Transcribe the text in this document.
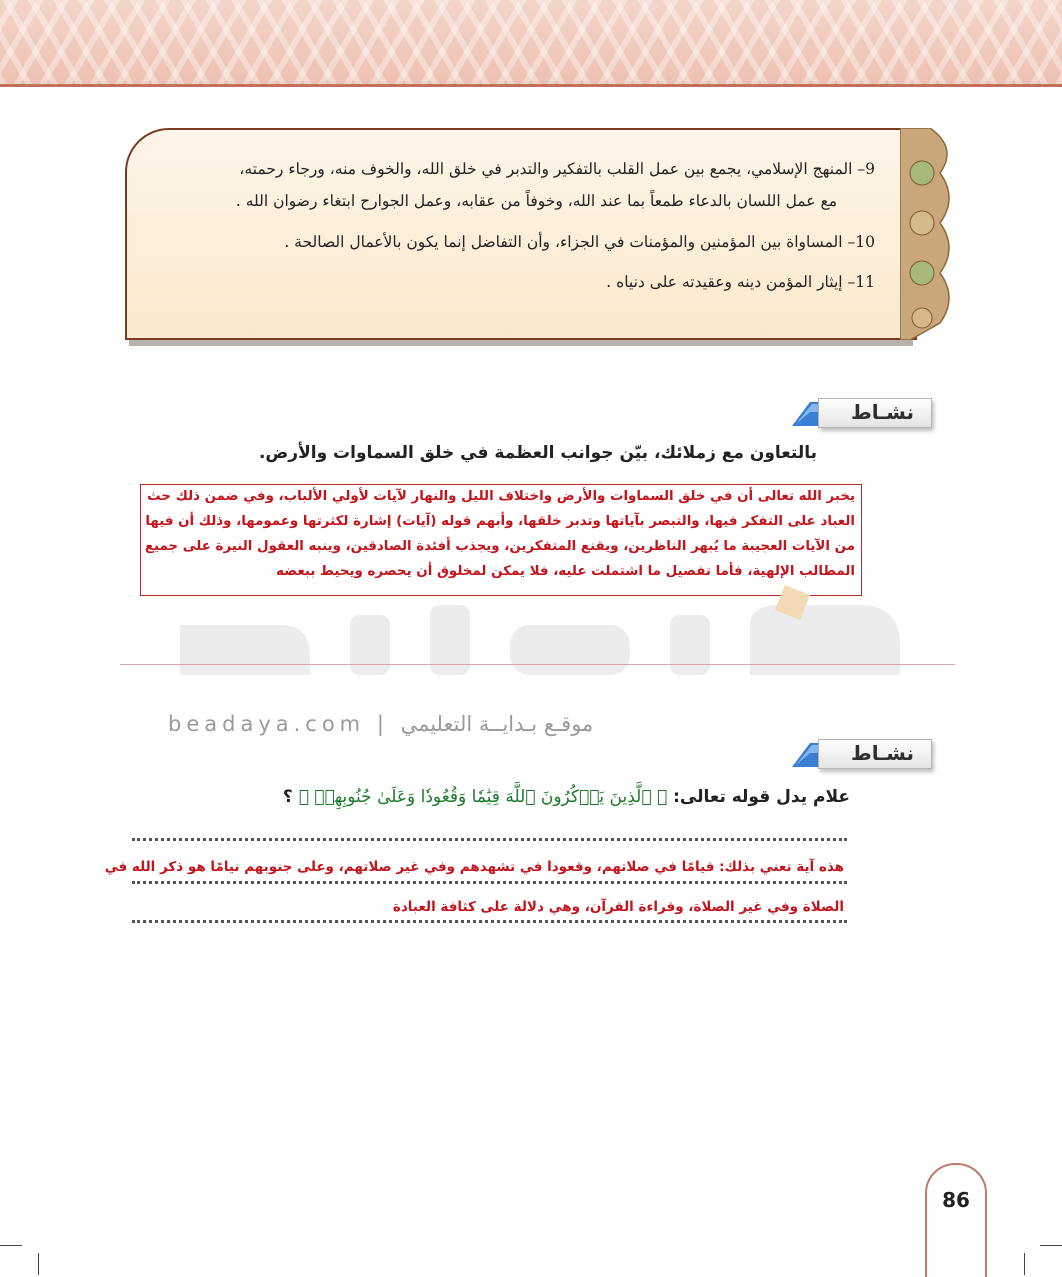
9– المنهج الإسلامي، يجمع بين عمل القلب بالتفكير والتدبر في خلق الله، والخوف منه، ورجاء رحمته،
مع عمل اللسان بالدعاء طمعاً بما عند الله، وخوفاً من عقابه، وعمل الجوارح ابتغاء رضوان الله .
10– المساواة بين المؤمنين والمؤمنات في الجزاء، وأن التفاضل إنما يكون بالأعمال الصالحة .
11– إيثار المؤمن دينه وعقيدته على دنياه .
نشـاط
بالتعاون مع زملائك، بيّن جوانب العظمة في خلق السماوات والأرض.
يخبر الله تعالى أن في خلق السماوات والأرض واختلاف الليل والنهار لآيات لأولي الألباب، وفي ضمن ذلك حث
العباد على التفكر فيها، والتبصر بآياتها وتدبر خلقها، وأبهم قوله (آيات) إشارة لكثرتها وعمومها، وذلك أن فيها
من الآيات العجيبة ما يُبهر الناظرين، ويقنع المتفكرين، ويجذب أفئدة الصادقين، وينبه العقول النيرة على جميع
المطالب الإلهية، فأما تفصيل ما اشتملت عليه، فلا يمكن لمخلوق أن يحصره ويحيط ببعضه
beadaya.com | موقـع بـدايــة التعليمي
نشـاط
علام يدل قوله تعالى: ﴿ ٱلَّذِينَ يَذۡكُرُونَ ٱللَّهَ قِيَٰمٗا وَقُعُودٗا وَعَلَىٰ جُنُوبِهِمۡ ﴾ ؟
هذه آية تعني بذلك: قيامًا في صلاتهم، وقعودا في تشهدهم وفي غير صلاتهم، وعلى جنوبهم نيامًا هو ذكر الله في
الصلاة وفي غير الصلاة، وقراءة القرآن، وهي دلالة على كثافة العبادة
86
